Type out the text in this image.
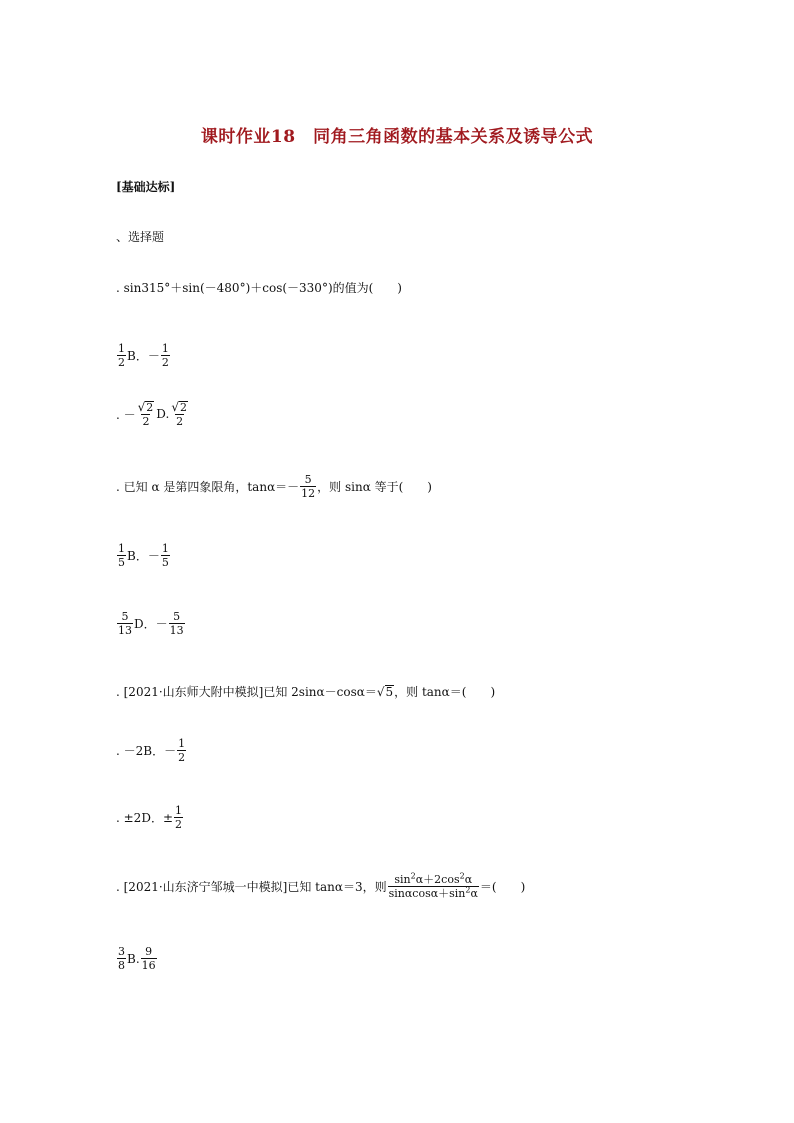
课时作业18　同角三角函数的基本关系及诱导公式
[基础达标]
、选择题
. sin315°＋sin(－480°)＋cos(－330°)的值为(　　)
$\frac{1}{2}$ B．－ $\frac{1}{2}$
. － $\frac{√ 2}{2} D$. $\frac{√ 2}{2}$
. 已知 α 是第四象限角，$\tan\alpha=- \frac{5}{12}$ ，则 sinα 等于(　　)
$\frac{1}{5}$ B．－ $\frac{1}{5}$
$\frac{5}{13}$ D．－ $\frac{5}{13}$
. [2021·山东师大附中模拟]已知 2sinα－cosα＝ √ 5 ，则 tanα＝(　　)
. －2B．－ $\frac{1}{2}$
. ±2D．± $\frac{1}{2}$
. [2021·山东济宁邹城一中模拟]已知 tanα＝3，则 $\frac{\sin^2\alpha+2\cos^2\alpha}{\sin\alpha\cos\alpha+\sin^2\alpha}$ ＝(　　)
$\frac{3}{8} B$. $\frac{9}{16}$
